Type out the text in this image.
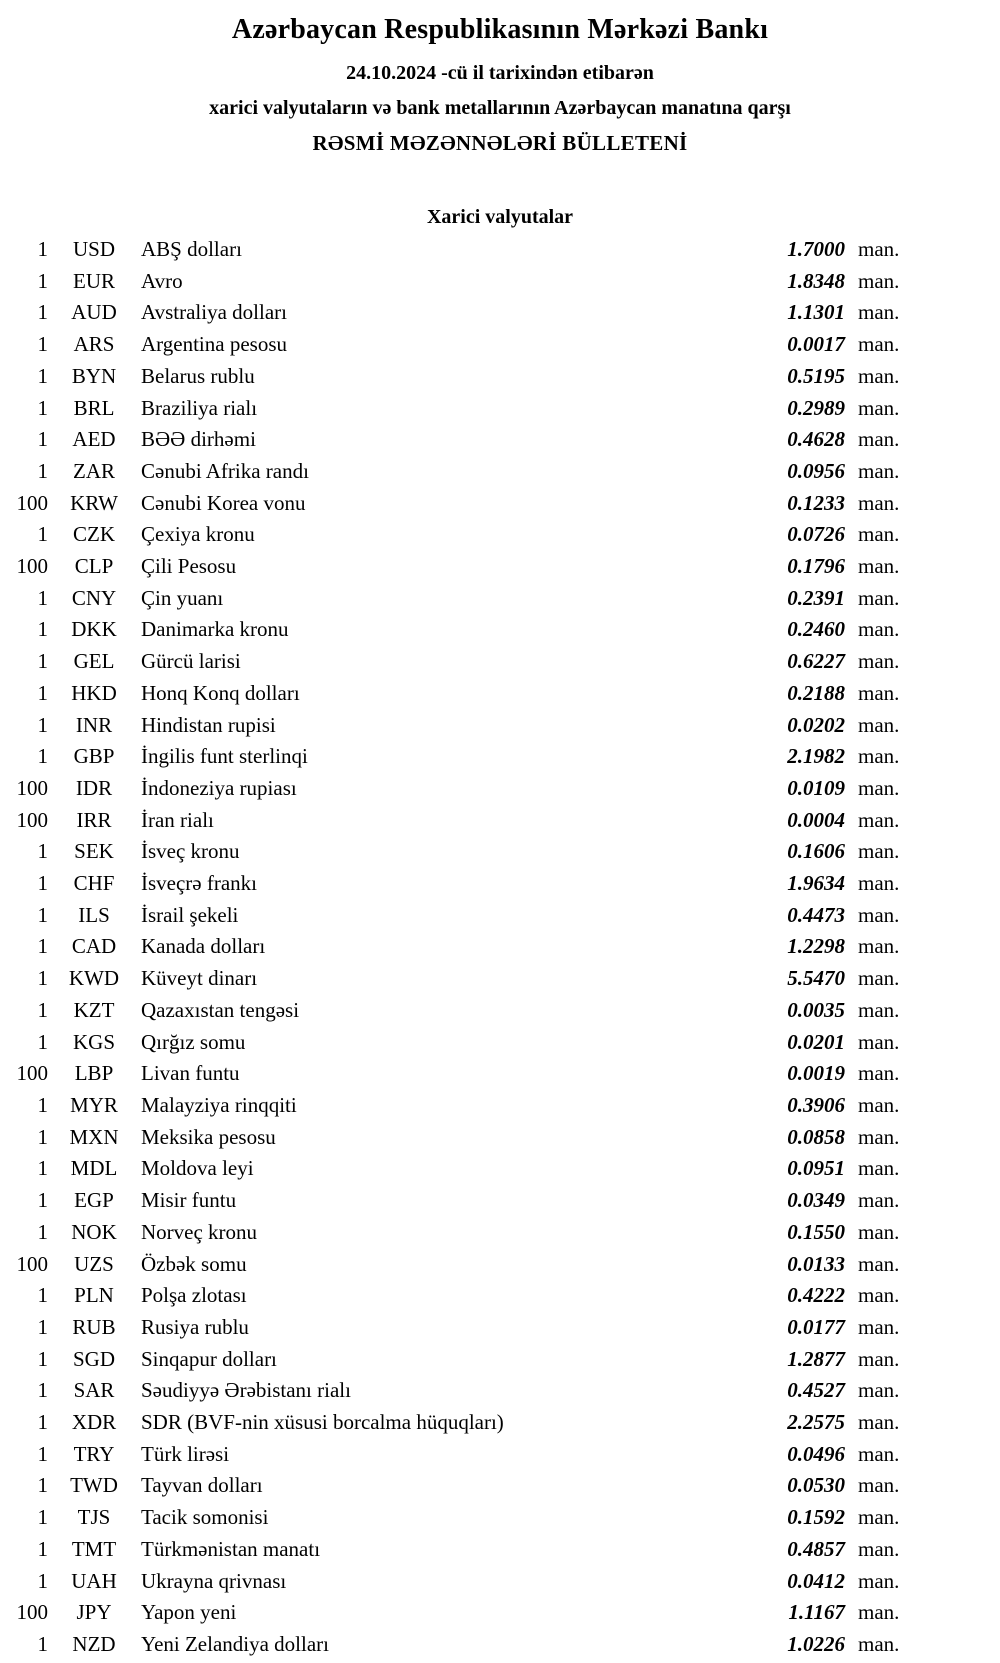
Azərbaycan Respublikasının Mərkəzi Bankı
24.10.2024 -cü il tarixindən etibarən
xarici valyutaların və bank metallarının Azərbaycan manatına qarşı
RƏSMİ MƏZƏNNƏLƏRİ BÜLLETENİ
Xarici valyutalar
1	USD	ABŞ dolları	1.7000 man.
1	EUR	Avro	1.8348 man.
1	AUD	Avstraliya dolları	1.1301 man.
1	ARS	Argentina pesosu	0.0017 man.
1	BYN	Belarus rublu	0.5195 man.
1	BRL	Braziliya rialı	0.2989 man.
1	AED	BƏƏ dirhəmi	0.4628 man.
1	ZAR	Cənubi Afrika randı	0.0956 man.
100	KRW	Cənubi Korea vonu	0.1233 man.
1	CZK	Çexiya kronu	0.0726 man.
100	CLP	Çili Pesosu	0.1796 man.
1	CNY	Çin yuanı	0.2391 man.
1	DKK	Danimarka kronu	0.2460 man.
1	GEL	Gürcü larisi	0.6227 man.
1	HKD	Honq Konq dolları	0.2188 man.
1	INR	Hindistan rupisi	0.0202 man.
1	GBP	İngilis funt sterlinqi	2.1982 man.
100	IDR	İndoneziya rupiası	0.0109 man.
100	IRR	İran rialı	0.0004 man.
1	SEK	İsveç kronu	0.1606 man.
1	CHF	İsveçrə frankı	1.9634 man.
1	ILS	İsrail şekeli	0.4473 man.
1	CAD	Kanada dolları	1.2298 man.
1 KWD	Küveyt dinarı	5.5470 man.
1	KZT	Qazaxıstan tengəsi	0.0035 man.
1	KGS	Qırğız somu	0.0201 man.
100	LBP	Livan funtu	0.0019 man.
1	MYR	Malayziya rinqqiti	0.3906 man.
1	MXN	Meksika pesosu	0.0858 man.
1	MDL	Moldova leyi	0.0951 man.
1	EGP	Misir funtu	0.0349 man.
1	NOK	Norveç kronu	0.1550 man.
100	UZS	Özbək somu	0.0133 man.
1	PLN	Polşa zlotası	0.4222 man.
1	RUB	Rusiya rublu	0.0177 man.
1	SGD	Sinqapur dolları	1.2877 man.
1	SAR	Səudiyyə Ərəbistanı rialı	0.4527 man.
1	XDR	SDR (BVF-nin xüsusi borcalma hüquqları)	2.2575 man.
1	TRY	Türk lirəsi	0.0496 man.
1	TWD	Tayvan dolları	0.0530 man.
1	TJS	Tacik somonisi	0.1592 man.
1	TMT	Türkmənistan manatı	0.4857 man.
1	UAH	Ukrayna qrivnası	0.0412 man.
100	JPY	Yapon yeni	1.1167 man.
1	NZD	Yeni Zelandiya dolları	1.0226 man.
